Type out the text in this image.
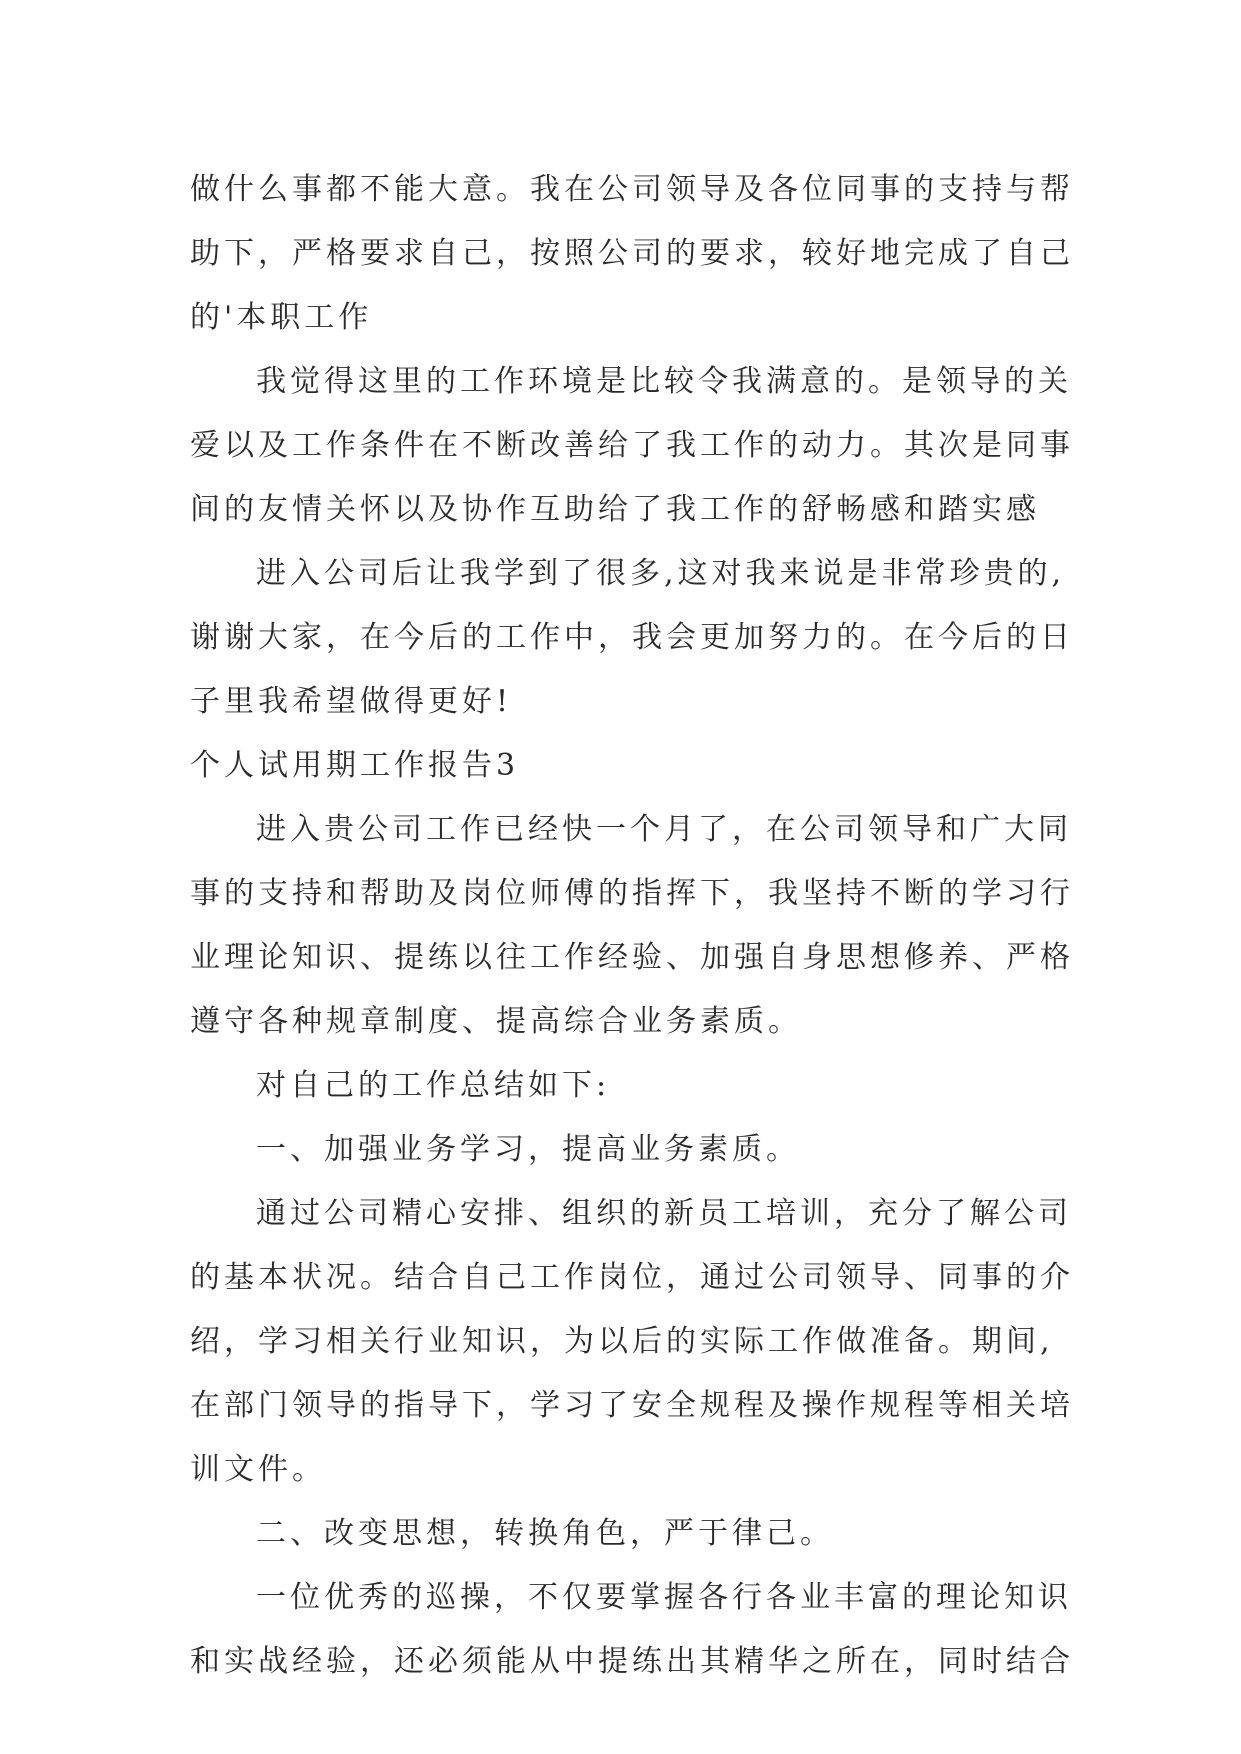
做什么事都不能大意。我在公司领导及各位同事的支持与帮
助下，严格要求自己，按照公司的要求，较好地完成了自己
的'本职工作
我觉得这里的工作环境是比较令我满意的。是领导的关
爱以及工作条件在不断改善给了我工作的动力。其次是同事
间的友情关怀以及协作互助给了我工作的舒畅感和踏实感
进入公司后让我学到了很多,这对我来说是非常珍贵的,
谢谢大家，在今后的工作中，我会更加努力的。在今后的日
子里我希望做得更好!
个人试用期工作报告3
进入贵公司工作已经快一个月了，在公司领导和广大同
事的支持和帮助及岗位师傅的指挥下，我坚持不断的学习行
业理论知识、提练以往工作经验、加强自身思想修养、严格
遵守各种规章制度、提高综合业务素质。
对自己的工作总结如下:
一、加强业务学习，提高业务素质。
通过公司精心安排、组织的新员工培训，充分了解公司
的基本状况。结合自己工作岗位，通过公司领导、同事的介
绍，学习相关行业知识，为以后的实际工作做准备。期间,
在部门领导的指导下，学习了安全规程及操作规程等相关培
训文件。
二、改变思想，转换角色，严于律己。
一位优秀的巡操，不仅要掌握各行各业丰富的理论知识
和实战经验，还必须能从中提练出其精华之所在，同时结合
